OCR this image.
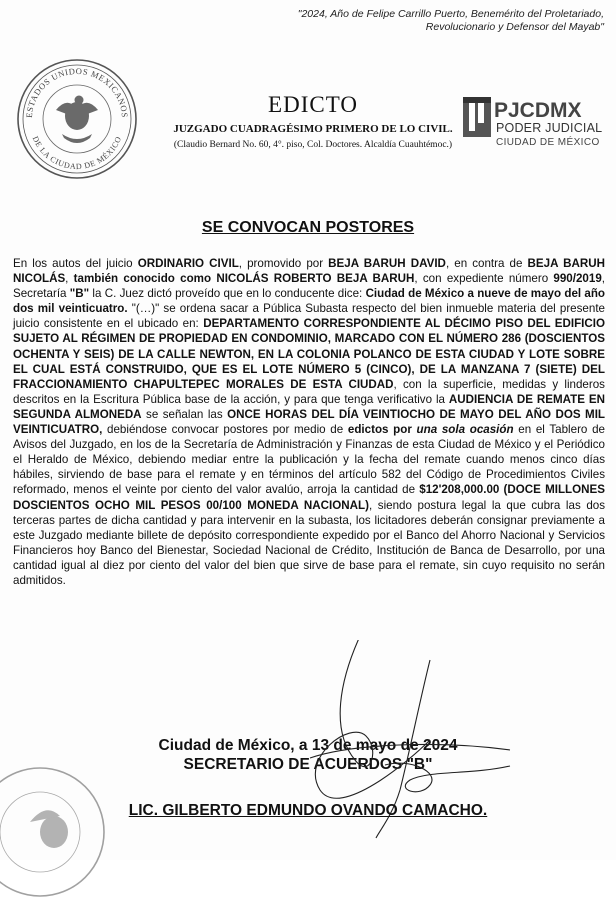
"2024, Año de Felipe Carrillo Puerto, Benemérito del Proletariado, Revolucionario y Defensor del Mayab"
ESTADOS UNIDOS MEXICANOS
DE LA CIUDAD DE MÉXICO
EDICTO
JUZGADO CUADRAGÉSIMO PRIMERO DE LO CIVIL.
(Claudio Bernard No. 60, 4°. piso, Col. Doctores. Alcaldía Cuauhtémoc.)
PJCDMX
PODER JUDICIAL
CIUDAD DE MÉXICO
SE CONVOCAN POSTORES

En los autos del juicio ORDINARIO CIVIL, promovido por BEJA BARUH DAVID, en contra de BEJA BARUH NICOLÁS, también conocido como NICOLÁS ROBERTO BEJA BARUH, con expediente número 990/2019, Secretaría "B" la C. Juez dictó proveído que en lo conducente dice: Ciudad de México a nueve de mayo del año dos mil veinticuatro. "(…)" se ordena sacar a Pública Subasta respecto del bien inmueble materia del presente juicio consistente en el ubicado en: DEPARTAMENTO CORRESPONDIENTE AL DÉCIMO PISO DEL EDIFICIO SUJETO AL RÉGIMEN DE PROPIEDAD EN CONDOMINIO, MARCADO CON EL NÚMERO 286 (DOSCIENTOS OCHENTA Y SEIS) DE LA CALLE NEWTON, EN LA COLONIA POLANCO DE ESTA CIUDAD Y LOTE SOBRE EL CUAL ESTÁ CONSTRUIDO, QUE ES EL LOTE NÚMERO 5 (CINCO), DE LA MANZANA 7 (SIETE) DEL FRACCIONAMIENTO CHAPULTEPEC MORALES DE ESTA CIUDAD, con la superficie, medidas y linderos descritos en la Escritura Pública base de la acción, y para que tenga verificativo la AUDIENCIA DE REMATE EN SEGUNDA ALMONEDA se señalan las ONCE HORAS DEL DÍA VEINTIOCHO DE MAYO DEL AÑO DOS MIL VEINTICUATRO, debiéndose convocar postores por medio de edictos por una sola ocasión en el Tablero de Avisos del Juzgado, en los de la Secretaría de Administración y Finanzas de esta Ciudad de México y el Periódico el Heraldo de México, debiendo mediar entre la publicación y la fecha del remate cuando menos cinco días hábiles, sirviendo de base para el remate y en términos del artículo 582 del Código de Procedimientos Civiles reformado, menos el veinte por ciento del valor avalúo, arroja la cantidad de $12'208,000.00 (DOCE MILLONES DOSCIENTOS OCHO MIL PESOS 00/100 MONEDA NACIONAL), siendo postura legal la que cubra las dos terceras partes de dicha cantidad y para intervenir en la subasta, los licitadores deberán consignar previamente a este Juzgado mediante billete de depósito correspondiente expedido por el Banco del Ahorro Nacional y Servicios Financieros hoy Banco del Bienestar, Sociedad Nacional de Crédito, Institución de Banca de Desarrollo, por una cantidad igual al diez por ciento del valor del bien que sirve de base para el remate, sin cuyo requisito no serán admitidos.

Ciudad de México, a 13 de mayo de 2024
SECRETARIO DE ACUERDOS "B"
LIC. GILBERTO EDMUNDO OVANDO CAMACHO.
